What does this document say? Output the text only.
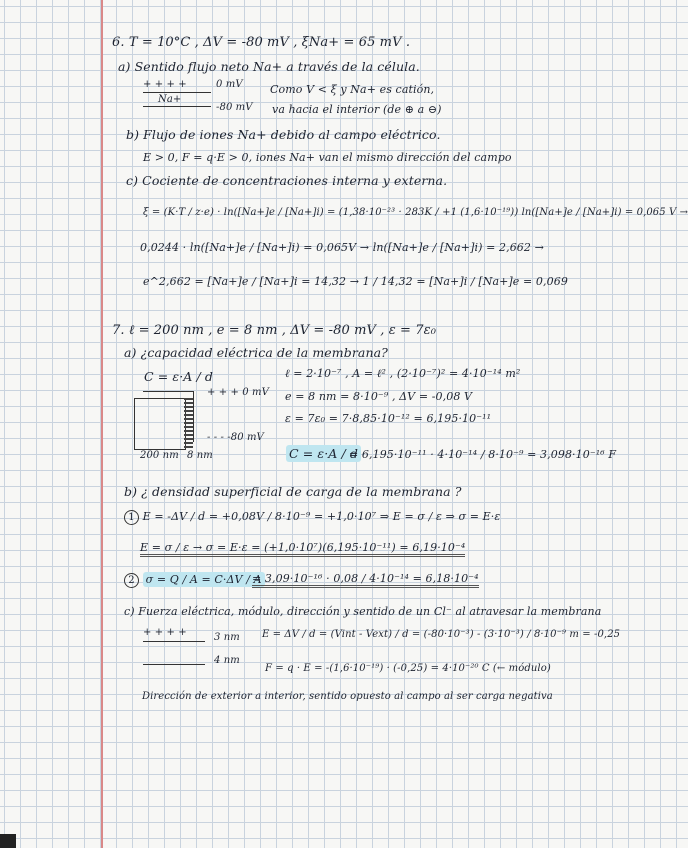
6. T = 10°C , ΔV = -80 mV , ξNa+ = 65 mV .
a) Sentido flujo neto Na+ a través de la célula.
+ + + +	0 mV
Na+
-80 mV
Como V < ξ y Na+ es catión,
va hacia el interior (de ⊕ a ⊖)
b) Flujo de iones Na+ debido al campo eléctrico.
E > 0, F = q·E > 0, iones Na+ van el mismo dirección del campo
c) Cociente de concentraciones interna y externa.
ξ = (K·T / z·e) · ln([Na+]e / [Na+]i) = (1,38·10⁻²³ · 283K / +1 (1,6·10⁻¹⁹)) ln([Na+]e / [Na+]i) = 0,065 V →
0,0244 · ln([Na+]e / [Na+]i) = 0,065V → ln([Na+]e / [Na+]i) = 2,662 →
e^2,662 = [Na+]e / [Na+]i = 14,32 → 1 / 14,32 = [Na+]i / [Na+]e = 0,069
7. ℓ = 200 nm , e = 8 nm , ΔV = -80 mV , ε = 7ε₀
a) ¿capacidad eléctrica de la membrana?
C = ε·A / d	ℓ = 2·10⁻⁷ , A = ℓ² , (2·10⁻⁷)² = 4·10⁻¹⁴ m²
e = 8 nm = 8·10⁻⁹ , ΔV = -0,08 V
ε = 7ε₀ = 7·8,85·10⁻¹² = 6,195·10⁻¹¹
+ + + 0 mV
- - - -80 mV
200 nm 8 nm	C = ε·A / d
= 6,195·10⁻¹¹ · 4·10⁻¹⁴ / 8·10⁻⁹ = 3,098·10⁻¹⁶ F
b) ¿ densidad superficial de carga de la membrana ?
1 E = -ΔV / d = +0,08V / 8·10⁻⁹ = +1,0·10⁷ ⇒ E = σ / ε ⇒ σ = E·ε
E = σ / ε → σ = E·ε = (+1,0·10⁷)(6,195·10⁻¹¹) = 6,19·10⁻⁴
2 σ = Q / A = C·ΔV / A
= 3,09·10⁻¹⁶ · 0,08 / 4·10⁻¹⁴ = 6,18·10⁻⁴
c) Fuerza eléctrica, módulo, dirección y sentido de un Cl⁻ al atravesar la membrana
+ + + +	3 nm
4 nm
E = ΔV / d = (Vint - Vext) / d = (-80·10⁻³) - (3·10⁻³) / 8·10⁻⁹ m = -0,25
F = q · E = -(1,6·10⁻¹⁹) · (-0,25) = 4·10⁻²⁰ C (← módulo)
Dirección de exterior a interior, sentido opuesto al campo al ser carga negativa
